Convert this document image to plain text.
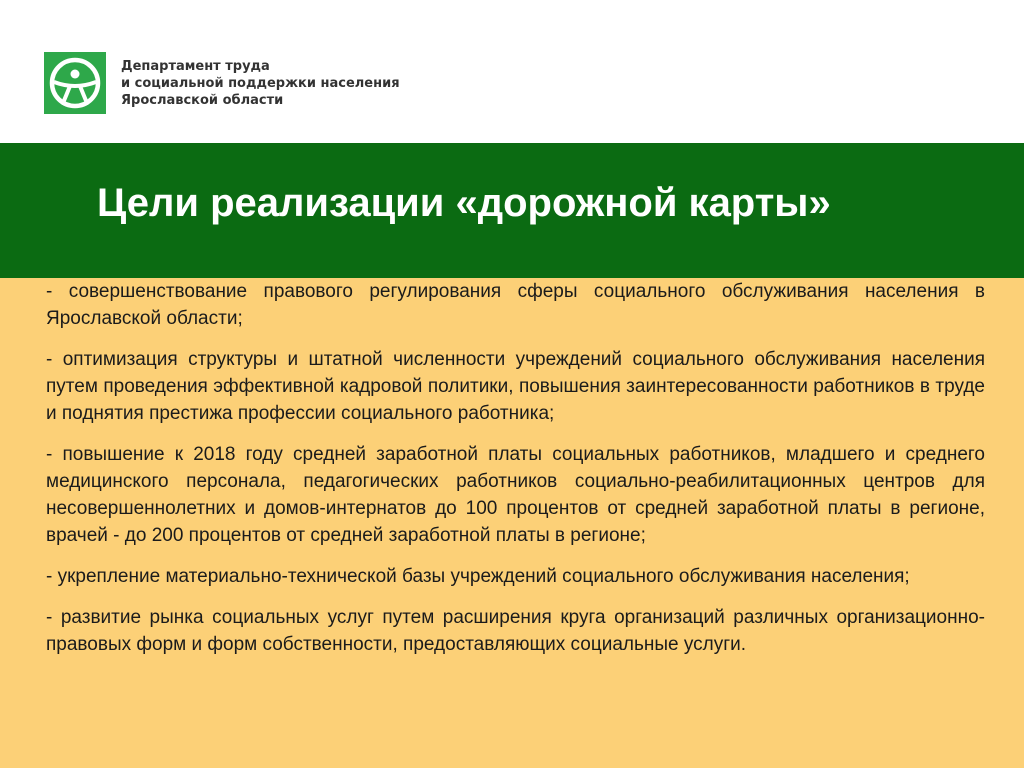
Департамент труда
и социальной поддержки населения
Ярославской области
Цели реализации «дорожной карты»

- совершенствование правового регулирования сферы социального обслуживания населения в Ярославской области;

- оптимизация структуры и штатной численности учреждений социального обслуживания населения путем проведения эффективной кадровой политики, повышения заинтересованности работников в труде и поднятия престижа профессии социального работника;

- повышение к 2018 году средней заработной платы социальных работников, младшего и среднего медицинского персонала, педагогических работников социально-реабилитационных центров для несовершеннолетних и домов-интернатов до 100 процентов от средней заработной платы в регионе, врачей - до 200 процентов от средней заработной платы в регионе;

- укрепление материально-технической базы учреждений социального обслуживания населения;

- развитие рынка социальных услуг путем расширения круга организаций различных организационно-правовых форм и форм собственности, предоставляющих социальные услуги.
